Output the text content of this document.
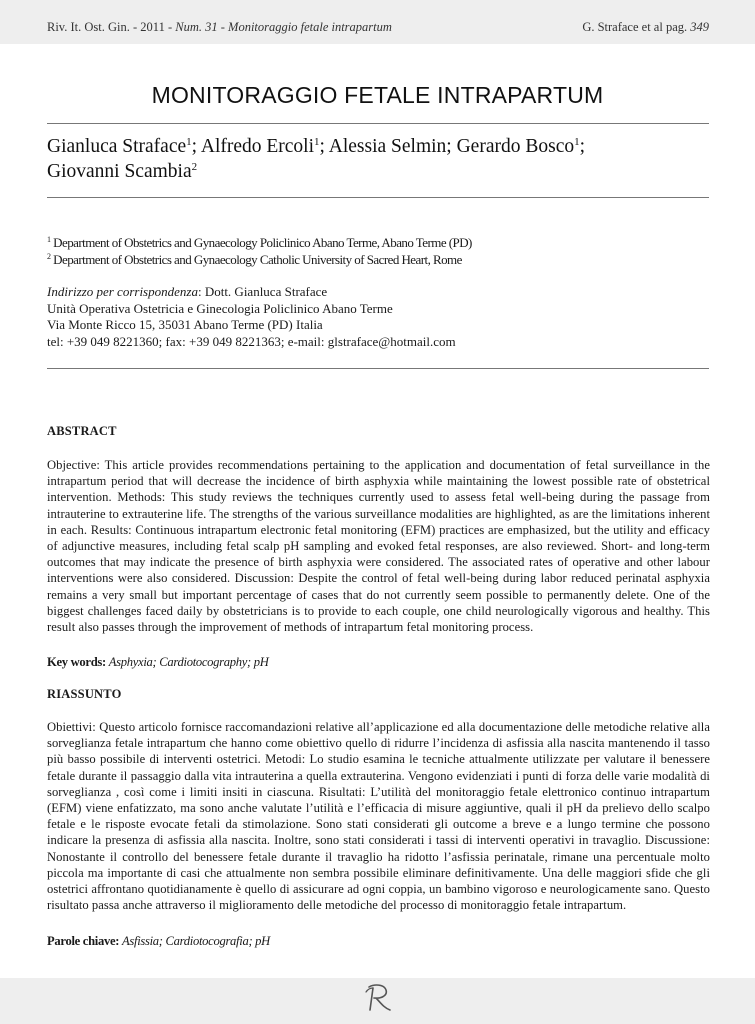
Riv. It. Ost. Gin. - 2011 - Num. 31 - Monitoraggio fetale intrapartum	G. Straface et al pag. 349
MONITORAGGIO FETALE INTRAPARTUM
Gianluca Straface$^1$; Alfredo Ercoli$^1$; Alessia Selmin; Gerardo Bosco$^1$;
Giovanni Scambia$^2$
$^1$ Department of Obstetrics and Gynaecology Policlinico Abano Terme, Abano Terme (PD)
$^2$ Department of Obstetrics and Gynaecology Catholic University of Sacred Heart, Rome
Indirizzo per corrispondenza: Dott. Gianluca Straface
Unità Operativa Ostetricia e Ginecologia Policlinico Abano Terme
Via Monte Ricco 15, 35031 Abano Terme (PD) Italia
tel: +39 049 8221360; fax: +39 049 8221363; e-mail: glstraface@hotmail.com
ABSTRACT

Objective: This article provides recommendations pertaining to the application and documentation of fetal surveillance in the intrapartum period that will decrease the incidence of birth asphyxia while maintaining the lowest possible rate of obstetrical intervention. Methods: This study reviews the techniques currently used to assess fetal well-being during the passage from intrauterine to extrauterine life. The strengths of the various surveillance modalities are highlighted, as are the limitations inherent in each. Results: Continuous intrapartum electronic fetal monitoring (EFM) practices are emphasized, but the utility and efficacy of adjunctive measures, including fetal scalp pH sampling and evoked fetal responses, are also reviewed. Short- and long-term outcomes that may indicate the presence of birth asphyxia were considered. The associated rates of operative and other labour interventions were also considered. Discussion: Despite the control of fetal well-being during labor reduced perinatal asphyxia remains a very small but important percentage of cases that do not currently seem possible to permanently delete. One of the biggest challenges faced daily by obstetricians is to provide to each couple, one child neurologically vigorous and healthy. This result also passes through the improvement of methods of intrapartum fetal monitoring process.

Key words: Asphyxia; Cardiotocography; pH
RIASSUNTO

Obiettivi: Questo articolo fornisce raccomandazioni relative all’applicazione ed alla documentazione delle metodiche relative alla sorveglianza fetale intrapartum che hanno come obiettivo quello di ridurre l’incidenza di asfissia alla nascita mantenendo il tasso più basso possibile di interventi ostetrici. Metodi: Lo studio esamina le tecniche attualmente utilizzate per valutare il benessere fetale durante il passaggio dalla vita intrauterina a quella extrauterina. Vengono evidenziati i punti di forza delle varie modalità di sorveglianza , così come i limiti insiti in ciascuna. Risultati: L’utilità del monitoraggio fetale elettronico continuo intrapartum (EFM) viene enfatizzato, ma sono anche valutate l’utilità e l’efficacia di misure aggiuntive, quali il pH da prelievo dello scalpo fetale e le risposte evocate fetali da stimolazione. Sono stati considerati gli outcome a breve e a lungo termine che possono indicare la presenza di asfissia alla nascita. Inoltre, sono stati considerati i tassi di interventi operativi in travaglio. Discussione: Nonostante il controllo del benessere fetale durante il travaglio ha ridotto l’asfissia perinatale, rimane una percentuale molto piccola ma importante di casi che attualmente non sembra possibile eliminare definitivamente. Una delle maggiori sfide che gli ostetrici affrontano quotidianamente è quello di assicurare ad ogni coppia, un bambino vigoroso e neurologicamente sano. Questo risultato passa anche attraverso il miglioramento delle metodiche del processo di monitoraggio fetale intrapartum.

Parole chiave: Asfissia; Cardiotocografia; pH
